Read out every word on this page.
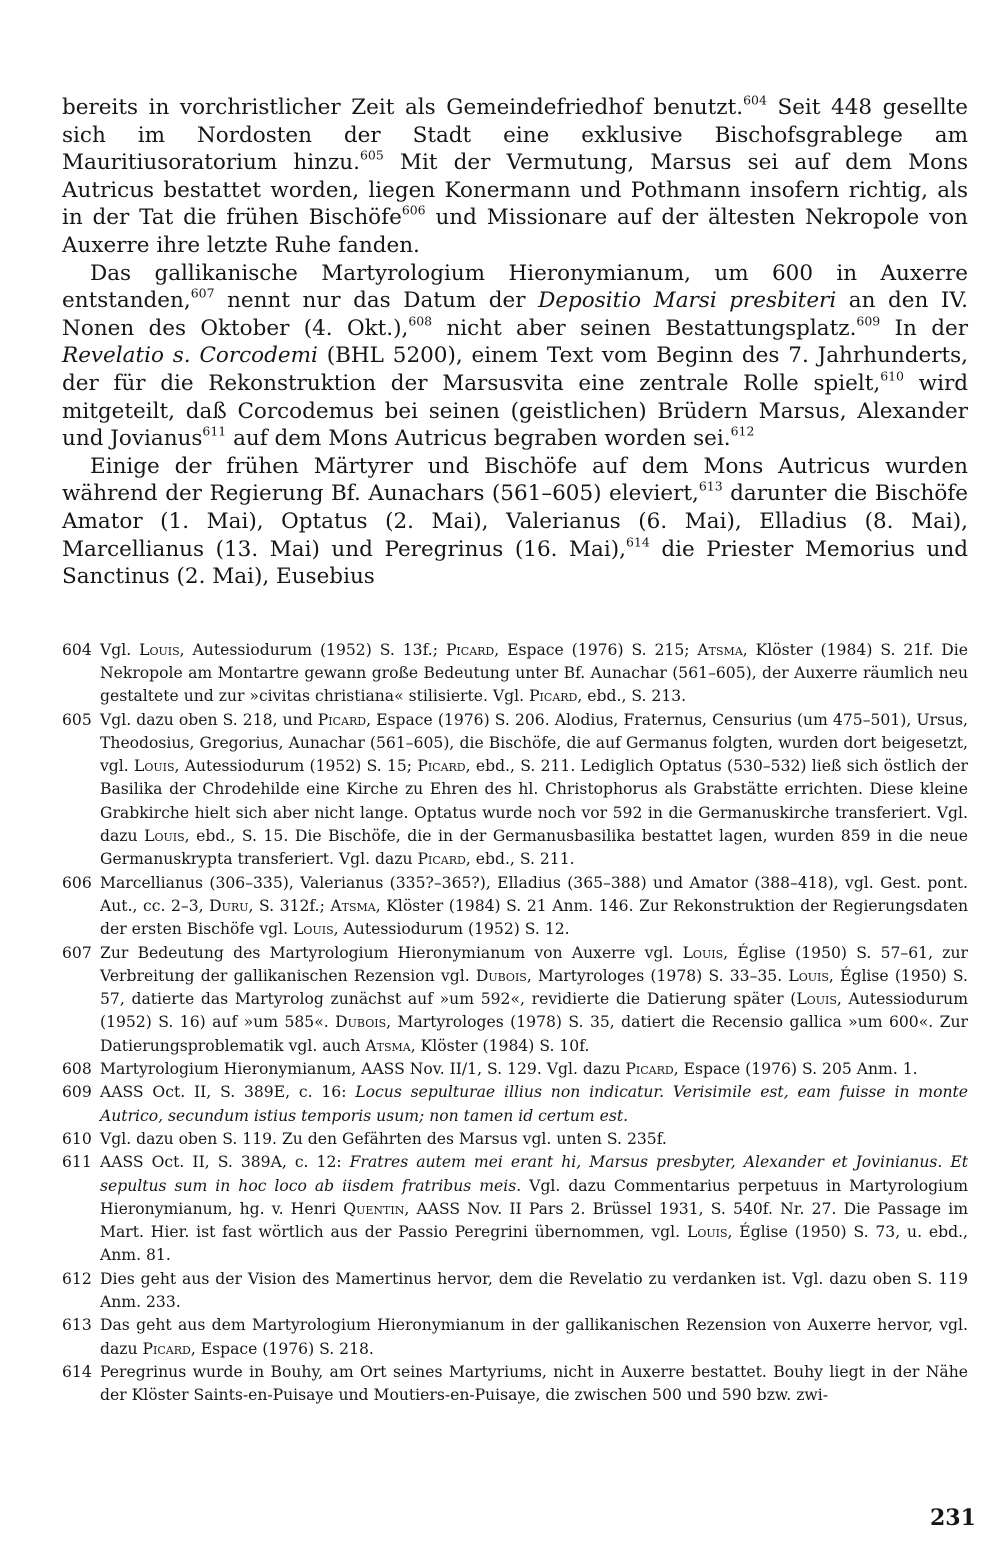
bereits in vorchristlicher Zeit als Gemeindefriedhof benutzt.$^{604}$ Seit 448 gesellte sich im Nordosten der Stadt eine exklusive Bischofsgrablege am Mauritiusoratorium hinzu.$^{605}$ Mit der Vermutung, Marsus sei auf dem Mons Autricus bestattet worden, liegen Konermann und Pothmann insofern richtig, als in der Tat die frühen Bischöfe$^{606}$ und Missionare auf der ältesten Nekropole von Auxerre ihre letzte Ruhe fanden.

Das gallikanische Martyrologium Hieronymianum, um 600 in Auxerre entstanden,$^{607}$ nennt nur das Datum der Depositio Marsi presbiteri an den IV. Nonen des Oktober (4. Okt.),$^{608}$ nicht aber seinen Bestattungsplatz.$^{609}$ In der Revelatio s. Corcodemi (BHL 5200), einem Text vom Beginn des 7. Jahrhunderts, der für die Rekonstruktion der Marsusvita eine zentrale Rolle spielt,$^{610}$ wird mitgeteilt, daß Corcodemus bei seinen (geistlichen) Brüdern Marsus, Alexander und Jovianus$^{611}$ auf dem Mons Autricus begraben worden sei.$^{612}$

Einige der frühen Märtyrer und Bischöfe auf dem Mons Autricus wurden während der Regierung Bf. Aunachars (561–605) eleviert,$^{613}$ darunter die Bischöfe Amator (1. Mai), Optatus (2. Mai), Valerianus (6. Mai), Elladius (8. Mai), Marcellianus (13. Mai) und Peregrinus (16. Mai),$^{614}$ die Priester Memorius und Sanctinus (2. Mai), Eusebius

604 Vgl. Louis, Autessiodurum (1952) S. 13f.; Picard, Espace (1976) S. 215; Atsma, Klöster (1984) S. 21f. Die Nekropole am Montartre gewann große Bedeutung unter Bf. Aunachar (561–605), der Auxerre räumlich neu gestaltete und zur »civitas christiana« stilisierte. Vgl. Picard, ebd., S. 213.
605 Vgl. dazu oben S. 218, und Picard, Espace (1976) S. 206. Alodius, Fraternus, Censurius (um 475–501), Ursus, Theodosius, Gregorius, Aunachar (561–605), die Bischöfe, die auf Germanus folgten, wurden dort beigesetzt, vgl. Louis, Autessiodurum (1952) S. 15; Picard, ebd., S. 211. Lediglich Optatus (530–532) ließ sich östlich der Basilika der Chrodehilde eine Kirche zu Ehren des hl. Christophorus als Grabstätte errichten. Diese kleine Grabkirche hielt sich aber nicht lange. Optatus wurde noch vor 592 in die Germanuskirche transferiert. Vgl. dazu Louis, ebd., S. 15. Die Bischöfe, die in der Germanusbasilika bestattet lagen, wurden 859 in die neue Germanuskrypta transferiert. Vgl. dazu Picard, ebd., S. 211.
606 Marcellianus (306–335), Valerianus (335?–365?), Elladius (365–388) und Amator (388–418), vgl. Gest. pont. Aut., cc. 2–3, Duru, S. 312f.; Atsma, Klöster (1984) S. 21 Anm. 146. Zur Rekonstruktion der Regierungsdaten der ersten Bischöfe vgl. Louis, Autessiodurum (1952) S. 12.
607 Zur Bedeutung des Martyrologium Hieronymianum von Auxerre vgl. Louis, Église (1950) S. 57–61, zur Verbreitung der gallikanischen Rezension vgl. Dubois, Martyrologes (1978) S. 33–35. Louis, Église (1950) S. 57, datierte das Martyrolog zunächst auf »um 592«, revidierte die Datierung später (Louis, Autessiodurum (1952) S. 16) auf »um 585«. Dubois, Martyrologes (1978) S. 35, datiert die Recensio gallica »um 600«. Zur Datierungsproblematik vgl. auch Atsma, Klöster (1984) S. 10f.
608 Martyrologium Hieronymianum, AASS Nov. II/1, S. 129. Vgl. dazu Picard, Espace (1976) S. 205 Anm. 1.
609 AASS Oct. II, S. 389E, c. 16: Locus sepulturae illius non indicatur. Verisimile est, eam fuisse in monte Autrico, secundum istius temporis usum; non tamen id certum est.
610 Vgl. dazu oben S. 119. Zu den Gefährten des Marsus vgl. unten S. 235f.
611 AASS Oct. II, S. 389A, c. 12: Fratres autem mei erant hi, Marsus presbyter, Alexander et Jovinianus. Et sepultus sum in hoc loco ab iisdem fratribus meis. Vgl. dazu Commentarius perpetuus in Martyrologium Hieronymianum, hg. v. Henri Quentin, AASS Nov. II Pars 2. Brüssel 1931, S. 540f. Nr. 27. Die Passage im Mart. Hier. ist fast wörtlich aus der Passio Peregrini übernommen, vgl. Louis, Église (1950) S. 73, u. ebd., Anm. 81.
612 Dies geht aus der Vision des Mamertinus hervor, dem die Revelatio zu verdanken ist. Vgl. dazu oben S. 119 Anm. 233.
613 Das geht aus dem Martyrologium Hieronymianum in der gallikanischen Rezension von Auxerre hervor, vgl. dazu Picard, Espace (1976) S. 218.
614 Peregrinus wurde in Bouhy, am Ort seines Martyriums, nicht in Auxerre bestattet. Bouhy liegt in der Nähe der Klöster Saints-en-Puisaye und Moutiers-en-Puisaye, die zwischen 500 und 590 bzw. zwi-
231
